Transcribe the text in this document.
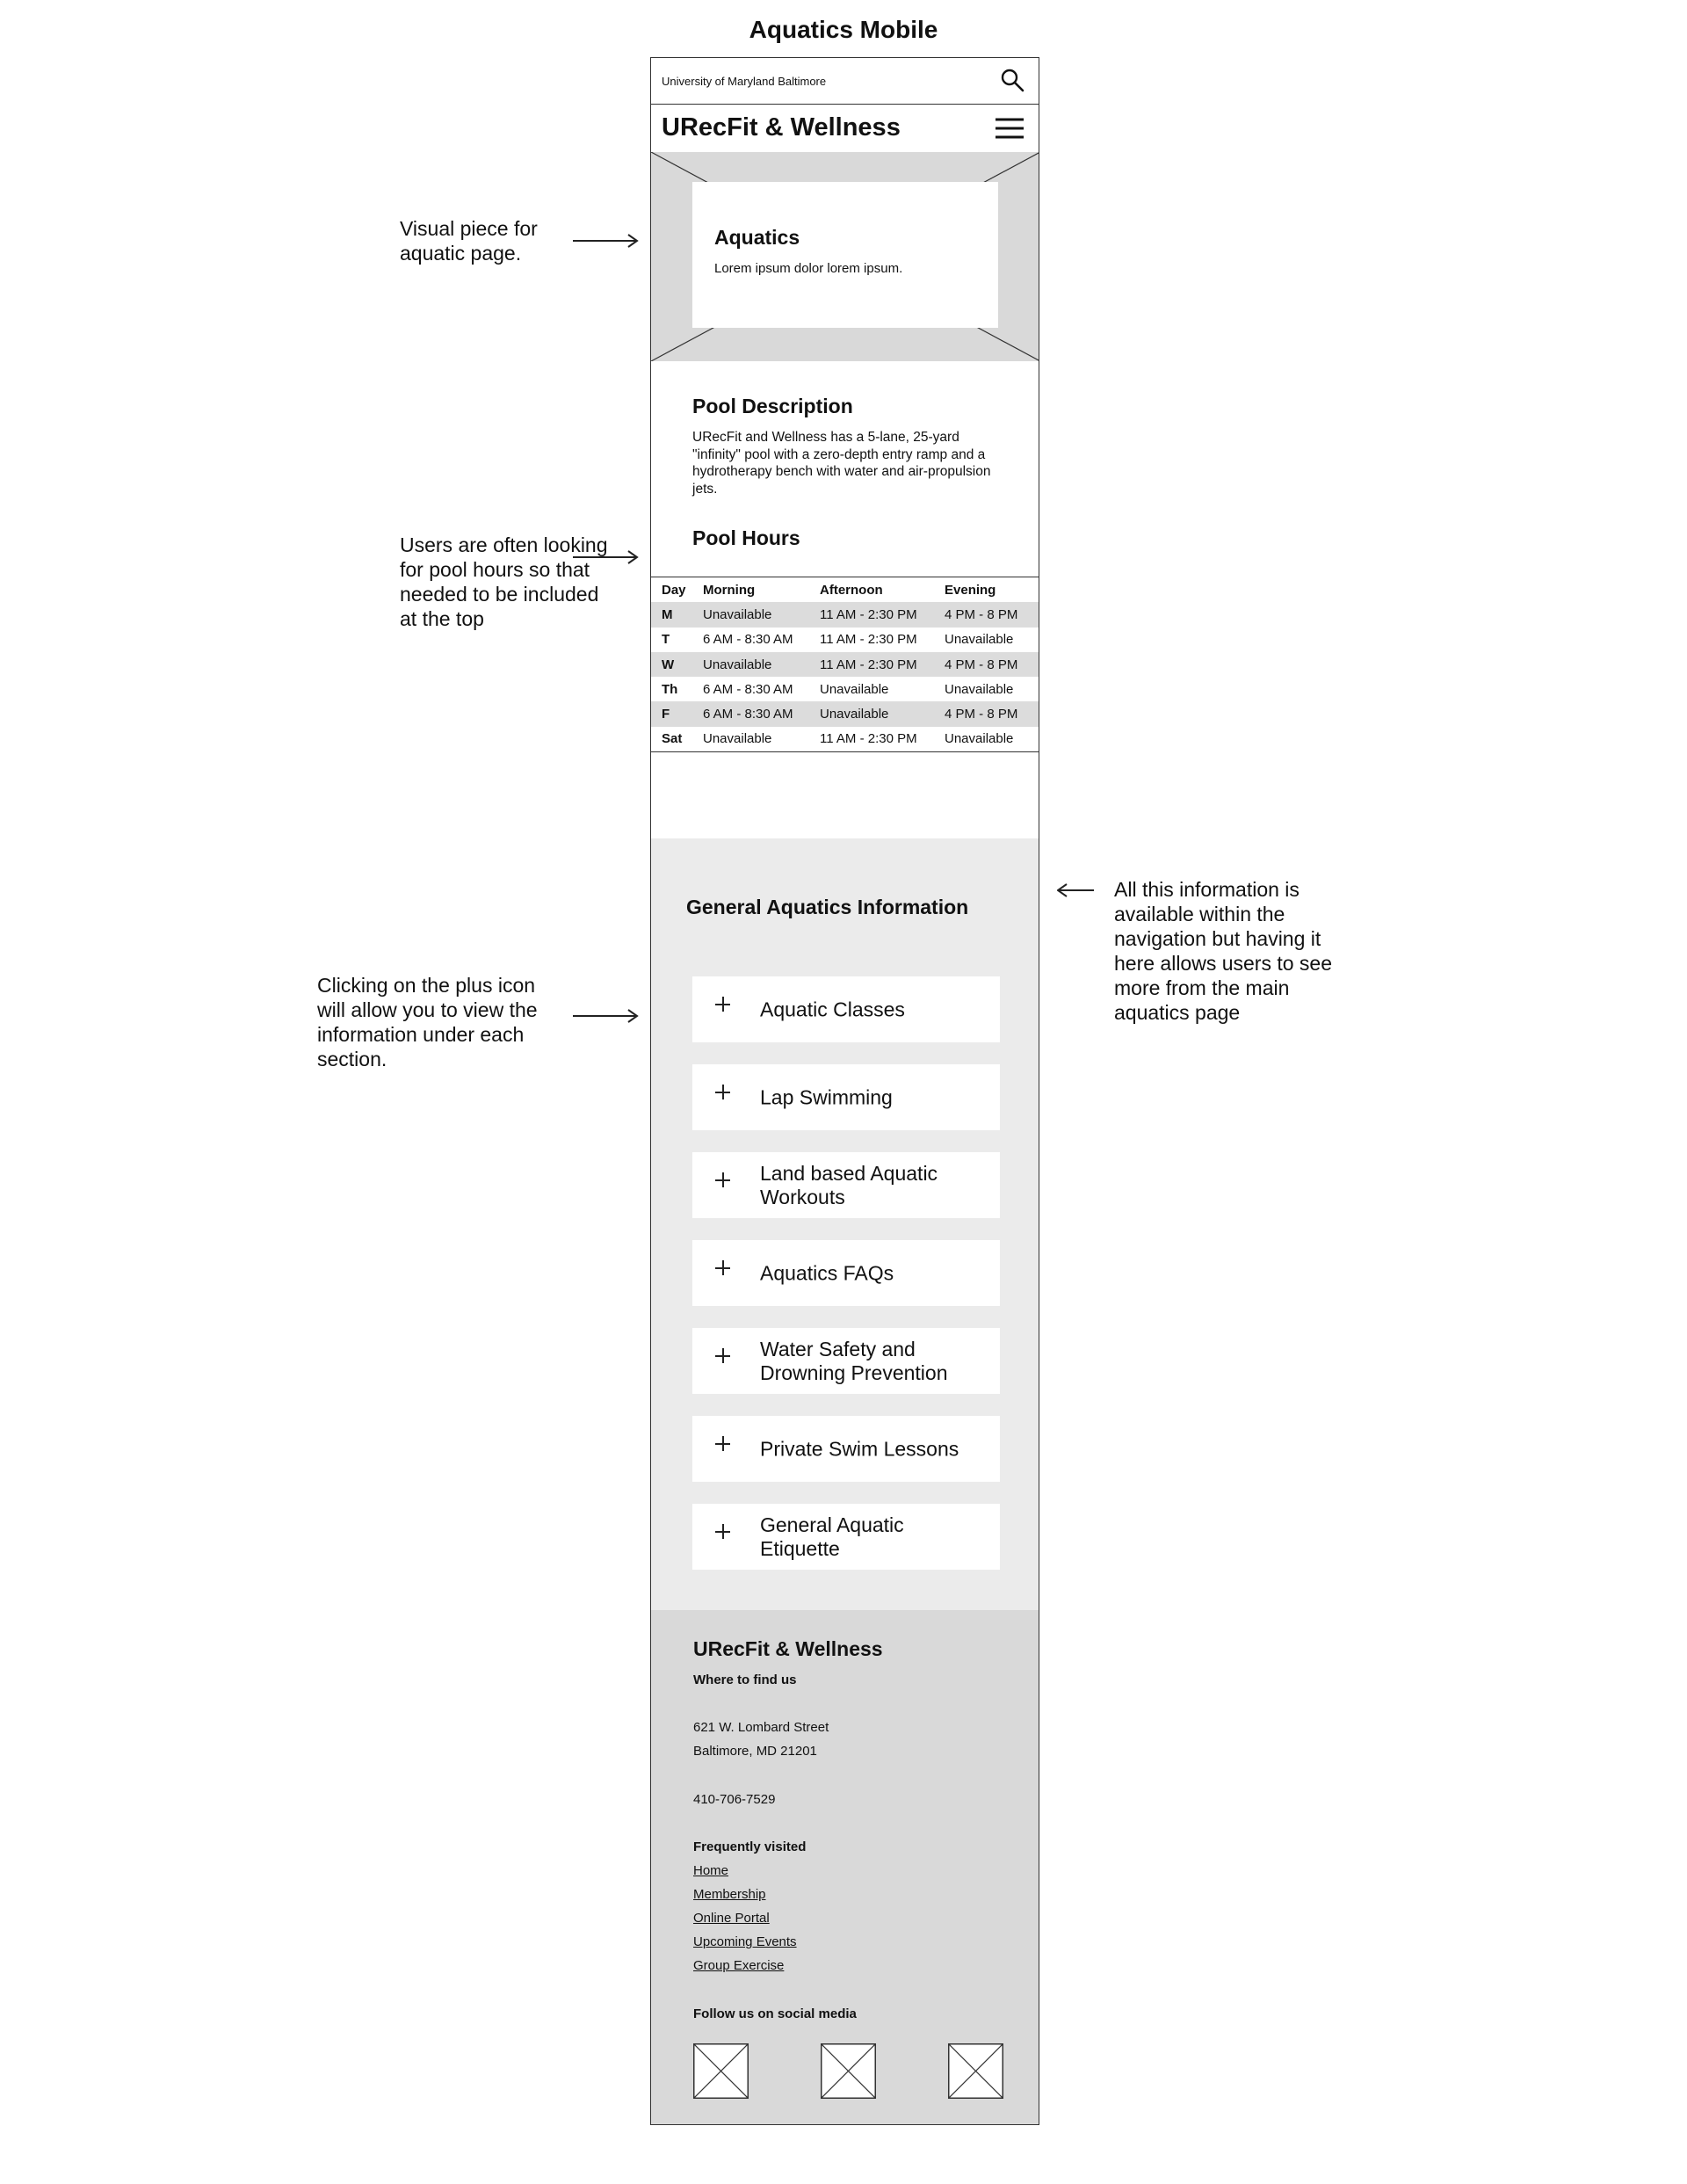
Aquatics Mobile
Visual piece for aquatic page.
Users are often looking for pool hours so that needed to be included at the top
Clicking on the plus icon will allow you to view the information under each section.
All this information is available within the navigation but having it here allows users to see more from the main aquatics page
University of Maryland Baltimore
URecFit & Wellness
Aquatics
Lorem ipsum dolor lorem ipsum.
Pool Description
URecFit and Wellness has a 5-lane, 25-yard "infinity" pool with a zero-depth entry ramp and a hydrotherapy bench with water and air-propulsion jets.
Pool Hours
Day	Morning	Afternoon	Evening
M	Unavailable	11 AM - 2:30 PM	4 PM - 8 PM
T	6 AM - 8:30 AM	11 AM - 2:30 PM	Unavailable
W	Unavailable	11 AM - 2:30 PM	4 PM - 8 PM
Th	6 AM - 8:30 AM	Unavailable	Unavailable
F	6 AM - 8:30 AM	Unavailable	4 PM - 8 PM
Sat	Unavailable	11 AM - 2:30 PM	Unavailable
General Aquatics Information
Aquatic Classes
Lap Swimming
Land based Aquatic Workouts
Aquatics FAQs
Water Safety and Drowning Prevention
Private Swim Lessons
General Aquatic Etiquette
URecFit & Wellness
Where to find us
621 W. Lombard Street
Baltimore, MD 21201
410-706-7529
Frequently visited
Home
Membership
Online Portal
Upcoming Events
Group Exercise
Follow us on social media
